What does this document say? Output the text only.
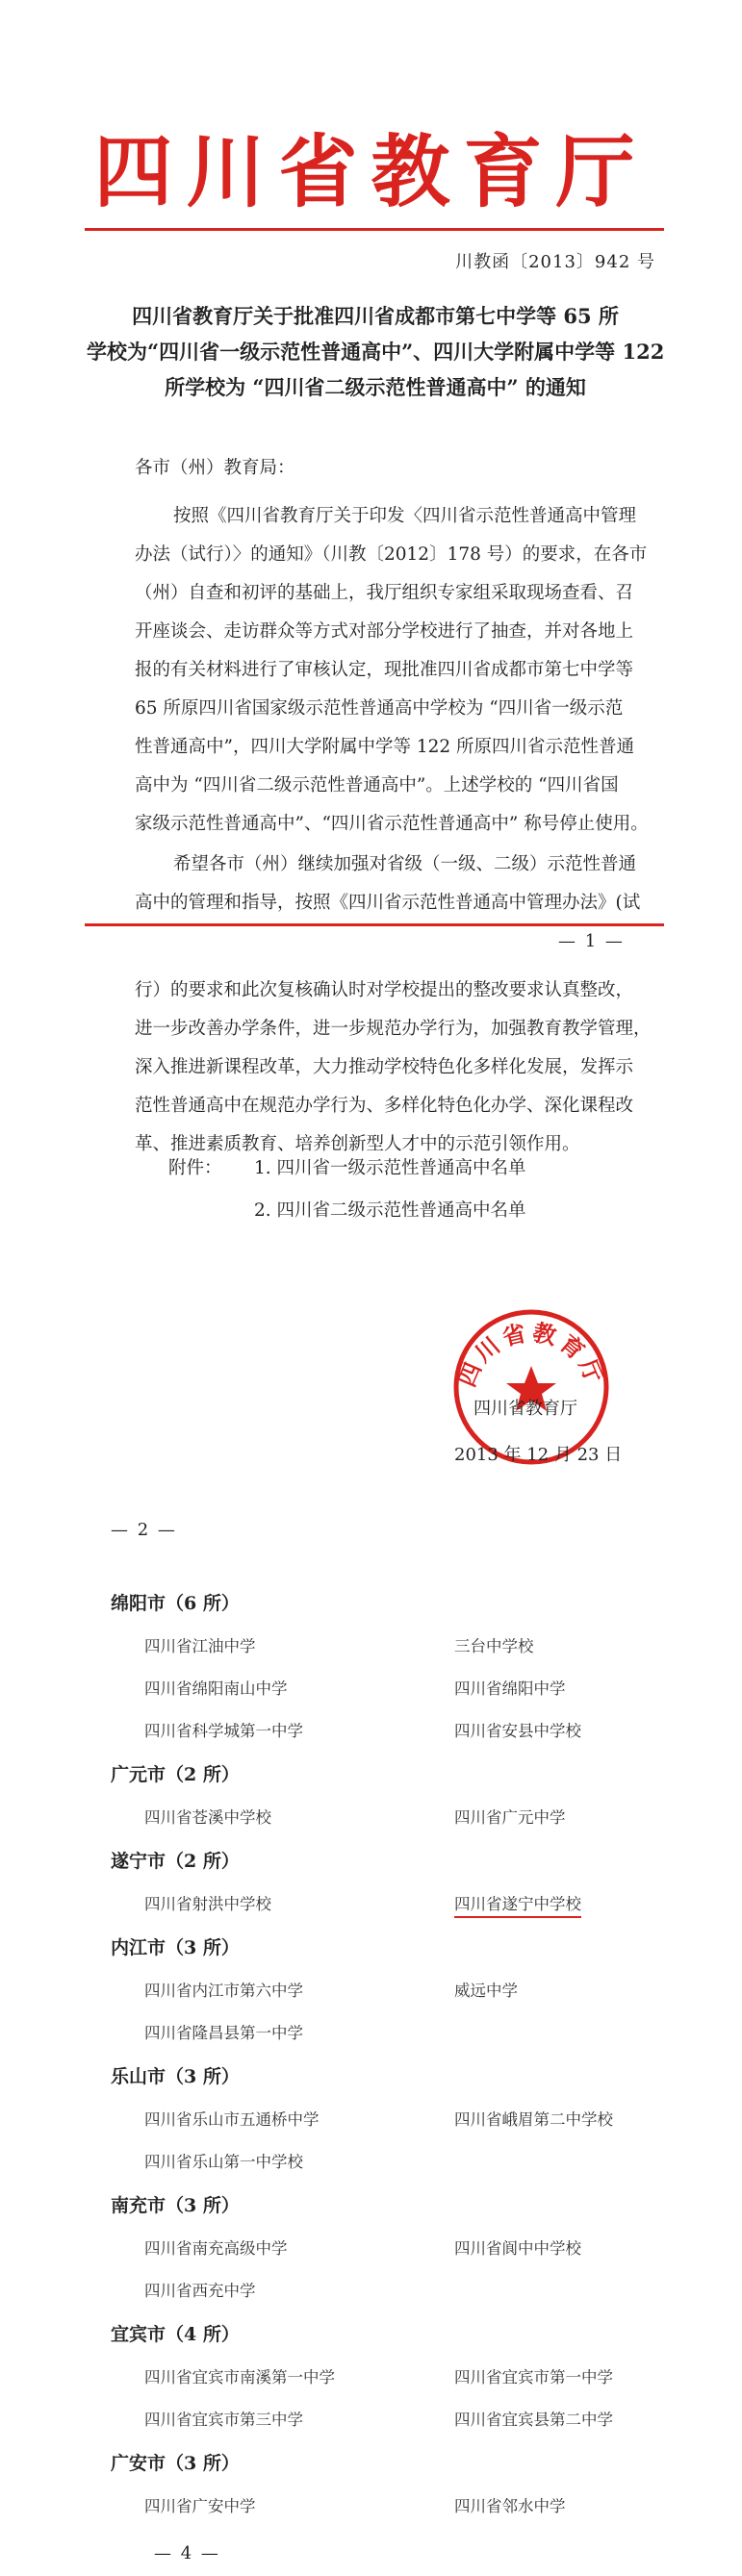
四川省教育厅
川教函〔2013〕942 号
四川省教育厅关于批准四川省成都市第七中学等 65 所
学校为“四川省一级示范性普通高中”、四川大学附属中学等 122
所学校为 “四川省二级示范性普通高中” 的通知
各市（州）教育局：
按照《四川省教育厅关于印发〈四川省示范性普通高中管理
办法（试行）〉的通知》（川教〔2012〕178 号）的要求，在各市
（州）自查和初评的基础上，我厅组织专家组采取现场查看、召
开座谈会、走访群众等方式对部分学校进行了抽查，并对各地上
报的有关材料进行了审核认定，现批准四川省成都市第七中学等
65 所原四川省国家级示范性普通高中学校为 “四川省一级示范
性普通高中”，四川大学附属中学等 122 所原四川省示范性普通
高中为 “四川省二级示范性普通高中”。上述学校的 “四川省国
家级示范性普通高中”、“四川省示范性普通高中” 称号停止使用。
希望各市（州）继续加强对省级（一级、二级）示范性普通
高中的管理和指导，按照《四川省示范性普通高中管理办法》(试
— 1 —
行）的要求和此次复核确认时对学校提出的整改要求认真整改，
进一步改善办学条件，进一步规范办学行为，加强教育教学管理，
深入推进新课程改革，大力推动学校特色化多样化发展，发挥示
范性普通高中在规范办学行为、多样化特色化办学、深化课程改
革、推进素质教育、培养创新型人才中的示范引领作用。
附件： 1. 四川省一级示范性普通高中名单
2. 四川省二级示范性普通高中名单
四川省教育厅
四川省教育厅
2013 年 12 月 23 日
— 2 —
绵阳市（6 所）
四川省江油中学	三台中学校
四川省绵阳南山中学	四川省绵阳中学
四川省科学城第一中学	四川省安县中学校
广元市（2 所）
四川省苍溪中学校	四川省广元中学
遂宁市（2 所）
四川省射洪中学校	四川省遂宁中学校
内江市（3 所）
四川省内江市第六中学	威远中学
四川省隆昌县第一中学
乐山市（3 所）
四川省乐山市五通桥中学	四川省峨眉第二中学校
四川省乐山第一中学校
南充市（3 所）
四川省南充高级中学	四川省阆中中学校
四川省西充中学
宜宾市（4 所）
四川省宜宾市南溪第一中学	四川省宜宾市第一中学
四川省宜宾市第三中学	四川省宜宾县第二中学
广安市（3 所）
四川省广安中学	四川省邻水中学
— 4 —
